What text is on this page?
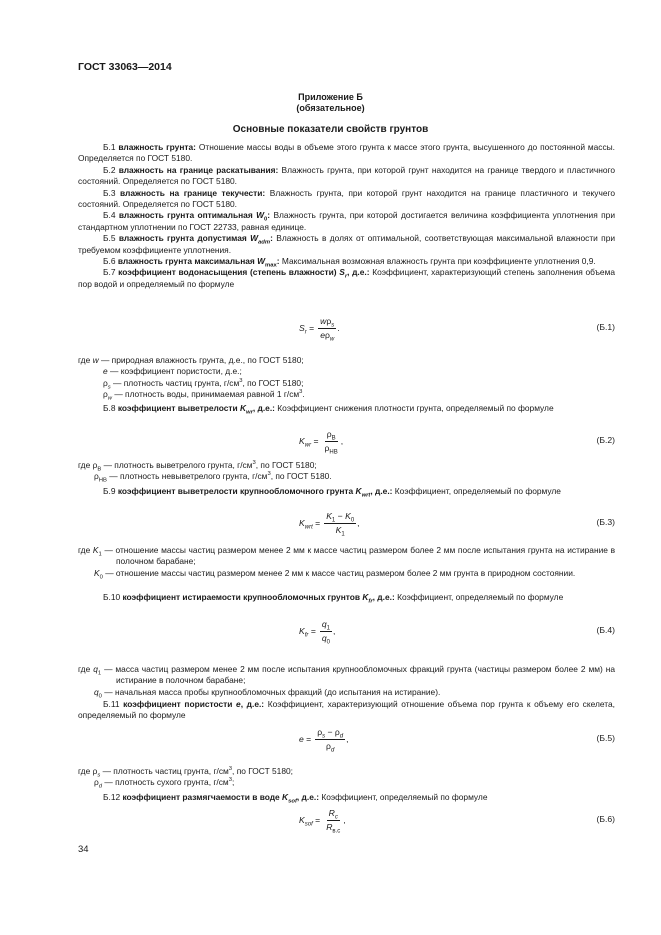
ГОСТ 33063—2014
Приложение Б
(обязательное)
Основные показатели свойств грунтов
Б.1 влажность грунта: Отношение массы воды в объеме этого грунта к массе этого грунта, высушенного до постоянной массы. Определяется по ГОСТ 5180.
Б.2 влажность на границе раскатывания: Влажность грунта, при которой грунт находится на границе твердого и пластичного состояний. Определяется по ГОСТ 5180.
Б.3 влажность на границе текучести: Влажность грунта, при которой грунт находится на границе пластичного и текучего состояний. Определяется по ГОСТ 5180.
Б.4 влажность грунта оптимальная $W_0$: Влажность грунта, при которой достигается величина коэффициента уплотнения при стандартном уплотнении по ГОСТ 22733, равная единице.
Б.5 влажность грунта допустимая $W_{adm}$: Влажность в долях от оптимальной, соответствующая максимальной влажности при требуемом коэффициенте уплотнения.
Б.6 влажность грунта максимальная $W_{max}$: Максимальная возможная влажность грунта при коэффициенте уплотнения 0,9.
Б.7 коэффициент водонасыщения (степень влажности) $S_r$, д.е.: Коэффициент, характеризующий степень заполнения объема пор водой и определяемый по формуле
$S_r = \frac{w\rho_s}{e\rho_w}$ .	(Б.1)
где w — природная влажность грунта, д.е., по ГОСТ 5180;
e — коэффициент пористости, д.е.;
$\rho_s$ — плотность частиц грунта, $г/см^3$, по ГОСТ 5180;
$\rho_w$ — плотность воды, принимаемая равной 1 $г/см^3$.
Б.8 коэффициент выветрелости $K_{wr}$, д.е.: Коэффициент снижения плотности грунта, определяемый по формуле
$K_{wr} = \frac{\rho_В}{\rho_{НВ}}$ ,	(Б.2)
где $\rho_В$ — плотность выветрелого грунта, $г/см^3$, по ГОСТ 5180;
$\rho_{НВ}$ — плотность невыветрелого грунта, $г/см^3$, по ГОСТ 5180.
Б.9 коэффициент выветрелости крупнообломочного грунта $K_{wrt}$, д.е.: Коэффициент, определяемый по формуле
$K_{wrt} = \frac{K_1 - K_0}{K_1}$ ,	(Б.3)
где $K_1$ — отношение массы частиц размером менее 2 мм к массе частиц размером более 2 мм после испытания грунта на истирание в полочном барабане;
$K_0$ — отношение массы частиц размером менее 2 мм к массе частиц размером более 2 мм грунта в природном состоянии.
Б.10 коэффициент истираемости крупнообломочных грунтов $K_{fr}$, д.е.: Коэффициент, определяемый по формуле
$K_{fr} = \frac{q_1}{q_0}$ ,	(Б.4)
где $q_1$ — масса частиц размером менее 2 мм после испытания крупнообломочных фракций грунта (частицы размером более 2 мм) на истирание в полочном барабане;
$q_0$ — начальная масса пробы крупнообломочных фракций (до испытания на истирание).
Б.11 коэффициент пористости e, д.е.: Коэффициент, характеризующий отношение объема пор грунта к объему его скелета, определяемый по формуле
$e = \frac{\rho_s - \rho_d}{\rho_d}$ ,	(Б.5)
где $\rho_s$ — плотность частиц грунта, $г/см^3$, по ГОСТ 5180;
$\rho_d$ — плотность сухого грунта, $г/см^3$;
Б.12 коэффициент размягчаемости в воде $K_{sof}$, д.е.: Коэффициент, определяемый по формуле
$K_{sof} = \frac{R_c}{R_{в.с}}$ ,	(Б.6)
34
